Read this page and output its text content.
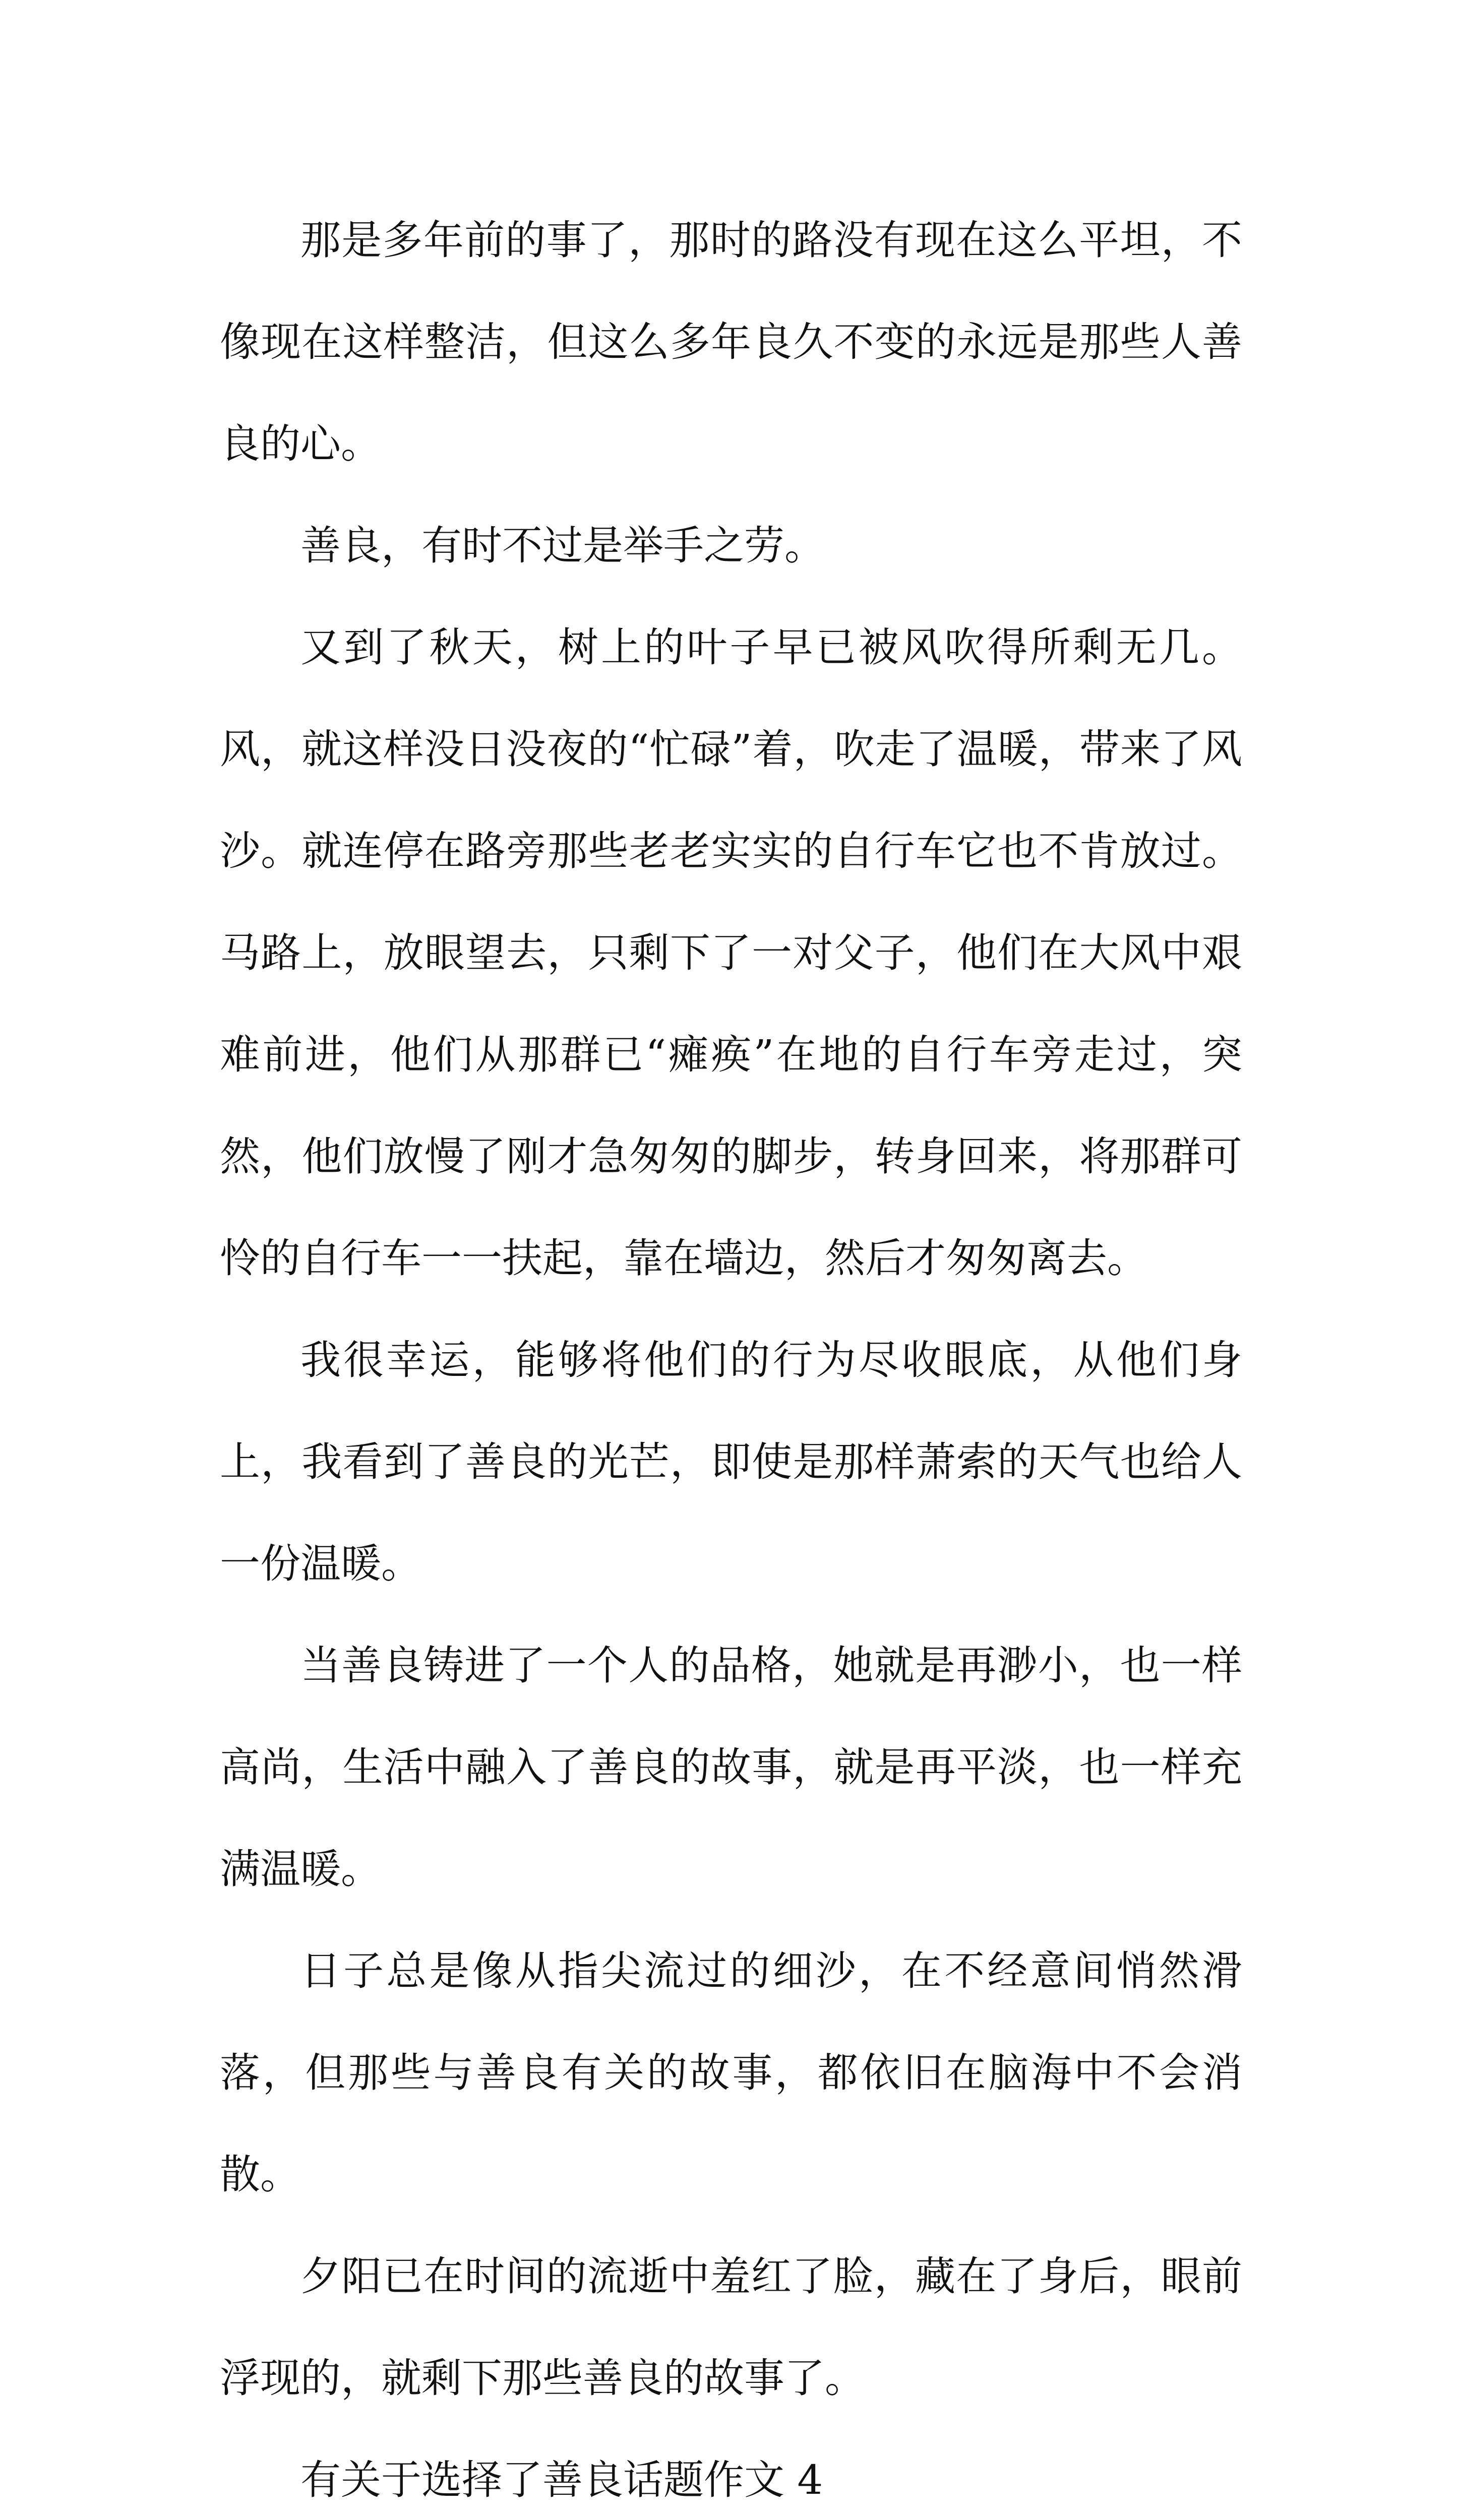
那是多年前的事了，那时的路没有现在这么平坦，不像现在这样整洁，但这么多年良久不变的永远是那些人善良的心。

善良，有时不过是举手之劳。

又到了秋天，树上的叶子早已被风吹得所剩无几。风，就这样没日没夜的“忙碌”着，吹走了温暖，带来了风沙。就连停在路旁那些老老实实的自行车它也不肯放过。马路上，放眼望去，只剩下了一对父子，他们在大风中艰难前进，他们从那群已“瘫痪”在地的自行车旁走过，突然，他们放慢了刚才急匆匆的脚步，转身回来，将那群可怜的自行车一一扶起，靠在墙边，然后才匆匆离去。

我很幸运，能够将他们的行为尽收眼底，从他们身上，我看到了善良的光芒，即使是那样萧索的天气也给人一份温暖。

当善良铸进了一个人的品格，她就是再渺小，也一样高尚，生活中融入了善良的故事，就是再平淡，也一样充满温暖。

日子总是像从指尖流过的细沙，在不经意间悄然滑落，但那些与善良有关的故事，都依旧在脑海中不会消散。

夕阳已在时间的流逝中羞红了脸，藏在了身后，眼前浮现的，就剩下那些善良的故事了。

有关于选择了善良话题作文 4
